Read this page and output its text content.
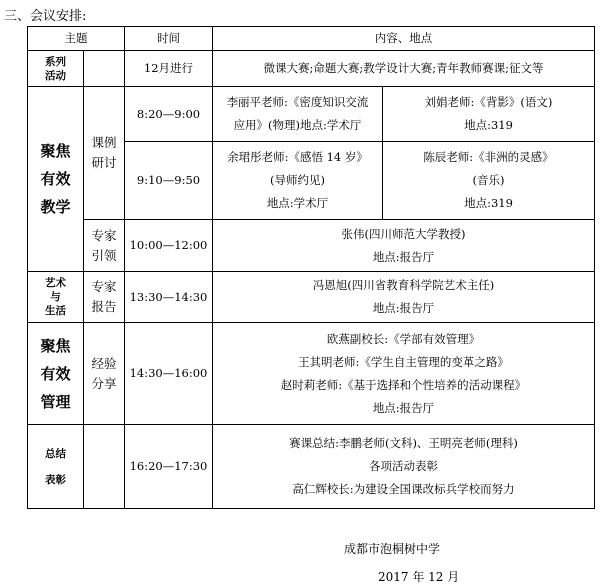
三、会议安排:
主题		时间	内容、地点	

系列
活动		12月进行	微课大赛;命题大赛;教学设计大赛;青年教师赛课;征文等	

聚焦
有效
教学	课例
研讨	8:20—9:00	李丽平老师:《密度知识交流
应用》(物理)地点:学术厅	刘娟老师:《背影》(语文)
地点:319

		9:10—9:50	余珺彤老师:《感悟 14 岁》
(导师约见)
地点:学术厅	陈辰老师:《非洲的灵感》
(音乐)
地点:319

	专家
引领	10:00—12:00	张伟(四川师范大学教授)
地点:报告厅	

艺术
与
生活	专家
报告	13:30—14:30	冯恩旭(四川省教育科学院艺术主任)
地点:报告厅	

聚焦
有效
管理	经验
分享	14:30—16:00	欧燕副校长:《学部有效管理》
王其明老师:《学生自主管理的变革之路》
赵时莉老师:《基于选择和个性培养的活动课程》
地点:报告厅	

总结
表彰		16:20—17:30	赛课总结:李鹏老师(文科)、王明亮老师(理科)
各项活动表彰
高仁辉校长:为建设全国课改标兵学校而努力	
成都市泡桐树中学
2017 年 12 月
